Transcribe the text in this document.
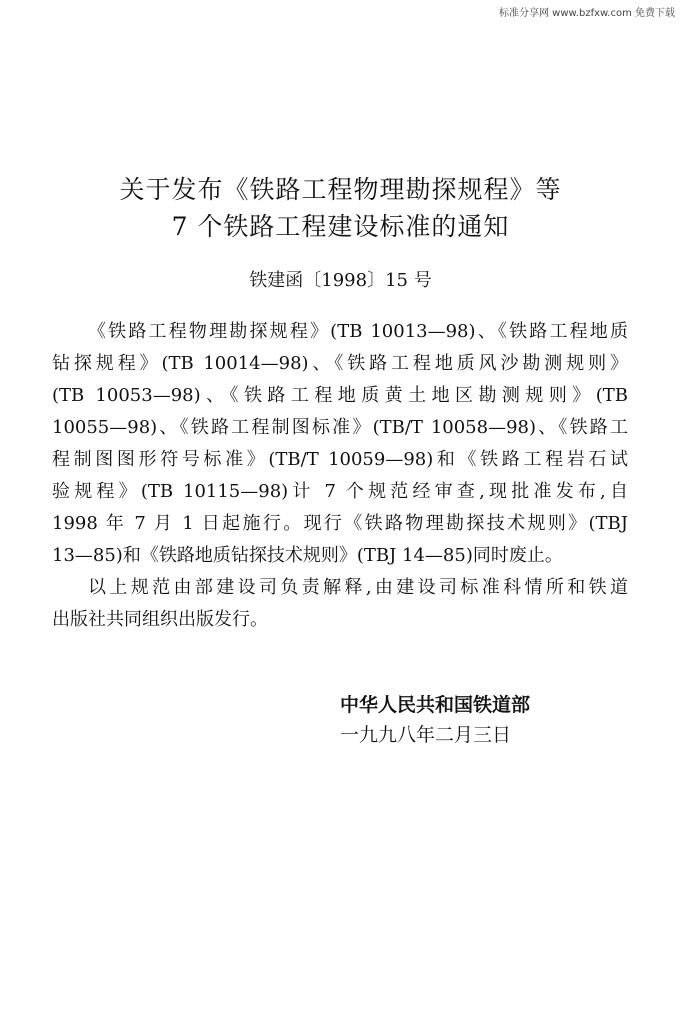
标准分享网 www.bzfxw.com 免费下载
关于发布《铁路工程物理勘探规程》等
7 个铁路工程建设标准的通知
铁建函〔1998〕15 号
《铁路工程物理勘探规程》(TB 10013—98)、《铁路工程地质
钻探规程》(TB 10014—98)、《铁路工程地质风沙勘测规则》
(TB 10053—98)、《铁路工程地质黄土地区勘测规则》(TB
10055—98)、《铁路工程制图标准》(TB/T 10058—98)、《铁路工
程制图图形符号标准》(TB/T 10059—98)和《铁路工程岩石试
验规程》(TB 10115—98)计 7 个规范经审查,现批准发布,自
1998 年 7 月 1 日起施行。现行《铁路物理勘探技术规则》(TBJ
13—85)和《铁路地质钻探技术规则》(TBJ 14—85)同时废止。
以上规范由部建设司负责解释,由建设司标准科情所和铁道
出版社共同组织出版发行。
中华人民共和国铁道部
一九九八年二月三日
